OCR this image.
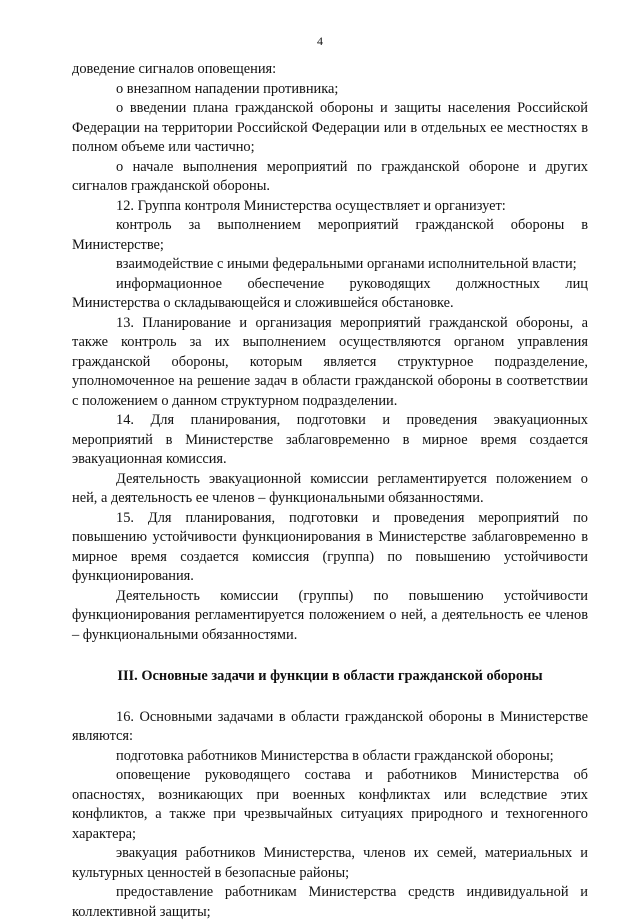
4

доведение сигналов оповещения:

о внезапном нападении противника;

о введении плана гражданской обороны и защиты населения Российской Федерации на территории Российской Федерации или в отдельных ее местностях в полном объеме или частично;

о начале выполнения мероприятий по гражданской обороне и других сигналов гражданской обороны.

12. Группа контроля Министерства осуществляет и организует:

контроль за выполнением мероприятий гражданской обороны в Министерстве;

взаимодействие с иными федеральными органами исполнительной власти;

информационное обеспечение руководящих должностных лиц Министерства о складывающейся и сложившейся обстановке.

13. Планирование и организация мероприятий гражданской обороны, а также контроль за их выполнением осуществляются органом управления гражданской обороны, которым является структурное подразделение, уполномоченное на решение задач в области гражданской обороны в соответствии с положением о данном структурном подразделении.

14. Для планирования, подготовки и проведения эвакуационных мероприятий в Министерстве заблаговременно в мирное время создается эвакуационная комиссия.

Деятельность эвакуационной комиссии регламентируется положением о ней, а деятельность ее членов – функциональными обязанностями.

15. Для планирования, подготовки и проведения мероприятий по повышению устойчивости функционирования в Министерстве заблаговременно в мирное время создается комиссия (группа) по повышению устойчивости функционирования.

Деятельность комиссии (группы) по повышению устойчивости функционирования регламентируется положением о ней, а деятельность ее членов – функциональными обязанностями.

III. Основные задачи и функции в области гражданской обороны

16. Основными задачами в области гражданской обороны в Министерстве являются:

подготовка работников Министерства в области гражданской обороны;

оповещение руководящего состава и работников Министерства об опасностях, возникающих при военных конфликтах или вследствие этих конфликтов, а также при чрезвычайных ситуациях природного и техногенного характера;

эвакуация работников Министерства, членов их семей, материальных и культурных ценностей в безопасные районы;

предоставление работникам Министерства средств индивидуальной и коллективной защиты;
